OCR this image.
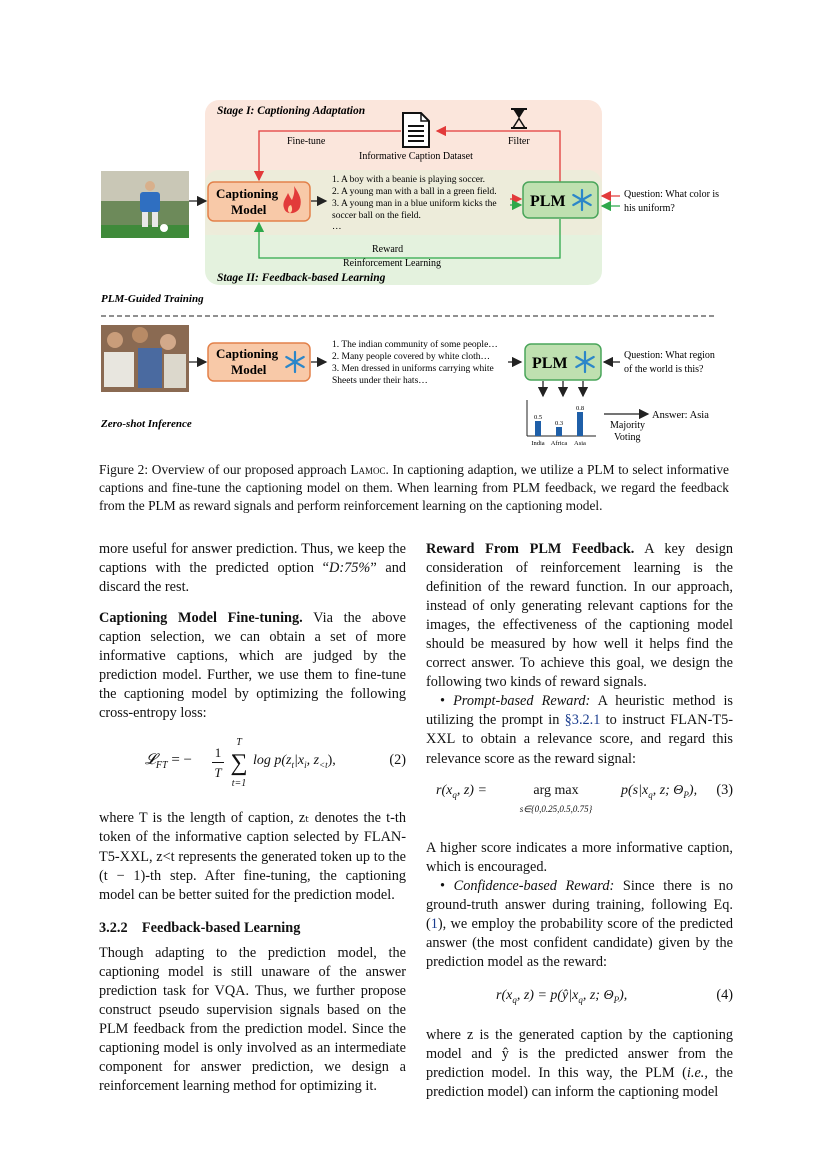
Stage I: Captioning Adaptation
Stage II: Feedback-based Learning
Informative Caption Dataset
Filter
Fine-tune
Captioning
Model
1. A boy with a beanie is playing soccer.
2. A young man with a ball in a green field.
3. A young man in a blue uniform kicks the
soccer ball on the field.
…
PLM	Question: What color is
his uniform?
Reward
Reinforcement Learning
PLM-Guided Training
Captioning
Model
1. The indian community of some people…
2. Many people covered by white cloth…
3. Men dressed in uniforms carrying white
Sheets under their hats…
PLM	Question: What region
of the world is this?
0.5
India
0.3
Africa
0.8
Asia
Majority
Voting
Answer: Asia
Zero-shot Inference
Figure 2: Overview of our proposed approach Lamoc. In captioning adaption, we utilize a PLM to select informative captions and fine-tune the captioning model on them. When learning from PLM feedback, we regard the feedback from the PLM as reward signals and perform reinforcement learning on the captioning model.

more useful for answer prediction. Thus, we keep the captions with the predicted option “D:75%” and discard the rest.

Captioning Model Fine-tuning. Via the above caption selection, we can obtain a set of more informative captions, which are judged by the prediction model. Further, we use them to fine-tune the captioning model by optimizing the following cross-entropy loss:

𝓛$_{FT}$ = − 1
T
T
∑
t=1
$\log p(z_t|x_i$, $z_{<t}$),	(2)

where T is the length of caption, zₜ denotes the t-th token of the informative caption selected by FLAN-T5-XXL, z<t represents the generated token up to the (t − 1)-th step. After fine-tuning, the captioning model can be better suited for the prediction model.

3.2.2 Feedback-based Learning

Though adapting to the prediction model, the captioning model is still unaware of the answer prediction task for VQA. Thus, we further propose construct pseudo supervision signals based on the PLM feedback from the prediction model. Since the captioning model is only involved as an intermediate component for answer prediction, we design a reinforcement learning method for optimizing it.

Reward From PLM Feedback. A key design consideration of reinforcement learning is the definition of the reward function. In our approach, instead of only generating relevant captions for the images, the effectiveness of the captioning model should be measured by how well it helps find the correct answer. To achieve this goal, we design the following two kinds of reward signals.

• Prompt-based Reward: A heuristic method is utilizing the prompt in §3.2.1 to instruct FLAN-T5-XXL to obtain a relevance score, and regard this relevance score as the reward signal:

$r(x_q$, z) =	arg max
s∈{0,0.25,0.5,0.75}
$p(s|x_q$, z; $\Theta_P$), (3)

A higher score indicates a more informative caption, which is encouraged.

• Confidence-based Reward: Since there is no ground-truth answer during training, following Eq.(1), we employ the probability score of the predicted answer (the most confident candidate) given by the prediction model as the reward:

$r(x_q$, $z) = p(ŷ|x_q$, z; $\Theta_P$),	(4)

where z is the generated caption by the captioning model and ŷ is the predicted answer from the prediction model. In this way, the PLM (i.e., the prediction model) can inform the captioning model
